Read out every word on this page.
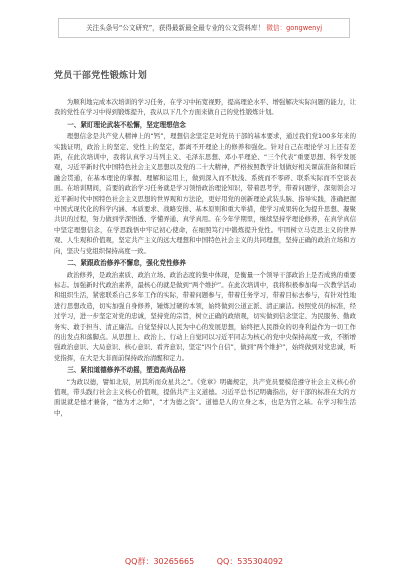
关注头条号“公文研究”，获得最新最全最专业的公文资料库！ 微信：gongwenyj
党员干部党性锻炼计划

为顺利地完成本次培训的学习任务，在学习中拓宽视野，提高理论水平、增强解决实际问题的能力，让我的党性在学习中得到锻炼提升，我从以下几个方面来做自己的党性锻炼计划。

一、紧盯理论武装不松懈，坚定理想信念

理想信念是共产党人精神上的“钙”，理想信念坚定是对党员干部的基本要求，通过我们党100多年来的实践证明，政治上的坚定、党性上的坚定，都离不开理论上的修养和强化。针对自己在理论学习上还有差距，在此次培训中，我将认真学习马列主义、毛泽东思想、邓小平理论、“三个代表”重要思想、科学发展观，习近平新时代中国特色社会主义思想以及党的二十大精神，严格按照教学计划做好相关课前准备和课后融会贯通，在基本理论的掌握、理解和运用上，做到深入而不肤浅、系统而不零碎、联系实际而不空谈表面。在培训期间，首要的政治学习任务就是学习领悟政治理论知识，带着思考学，带着问题学，深刻领会习近平新时代中国特色社会主义思想的世界观和方法论，更好用党的创新理论武装头脑、指导实践，准确把握中国式现代化的科学内涵、本质要求、战略安排、基本原则和重大举措，使学习成果转化为提升思想、凝聚共识的过程，努力做到学深悟透、学懂弄通、真学真用。在今年学期里，继续坚持学理论修养，在真学真信中坚定理想信念，在学思践悟中牢记初心使命，在细照笃行中锻炼提升党性。牢固树立马克思主义的世界观、人生观和价值观，坚定共产主义的远大理想和中国特色社会主义的共同理想，坚持正确的政治立场和方向，坚决与党组织保持高度一致。

二、紧跟政治修养不懈怠，强化党性修养

政治修养，是政治素质、政治立场、政治态度的集中体现，是衡量一个领导干部政治上是否成熟的重要标志。加强新时代政治素养，最核心的就是做到“两个维护”。在此次培训中，我将积极参加每一次教学活动和组织生活，紧密联系自己多年工作的实际，带着问题参与，带着任务学习，带着目标去参与，有针对性地进行思想改造，切实加强自身修养，锤炼过硬的本领，始终做到公道正派、清正廉洁。按照党员的标准，经过学习，进一步坚定对党的忠诚，坚持党的宗旨，树立正确的政绩观，切实做到信念坚定、为民服务、勤政务实、敢于担当、清正廉洁。自觉坚持以人民为中心的发展思想，始终把人民群众的切身利益作为一切工作的出发点和落脚点。从思想上、政治上、行动上自觉同以习近平同志为核心的党中央保持高度一致，不断增强政治意识、大局意识、核心意识、看齐意识，坚定“四个自信”，做到“两个维护”，始终做到对党忠诚，听党指挥，在大是大非面前保持政治清醒和定力。

三、紧扣道德修养不动摇，塑造高尚品格

“为政以德，譬如北辰，居其所而众星共之”。《党章》明确规定，共产党员要模范遵守社会主义核心价值观，带头践行社会主义核心价值观，提倡共产主义道德。习近平总书记明确指出，好干部的标准在大的方面说就是德才兼备，“德为才之帅”，“才为德之资”。道德是人的立身之本，也是为官之基。在学习和生活中，

QQ群：30265665	QQ：535304092
